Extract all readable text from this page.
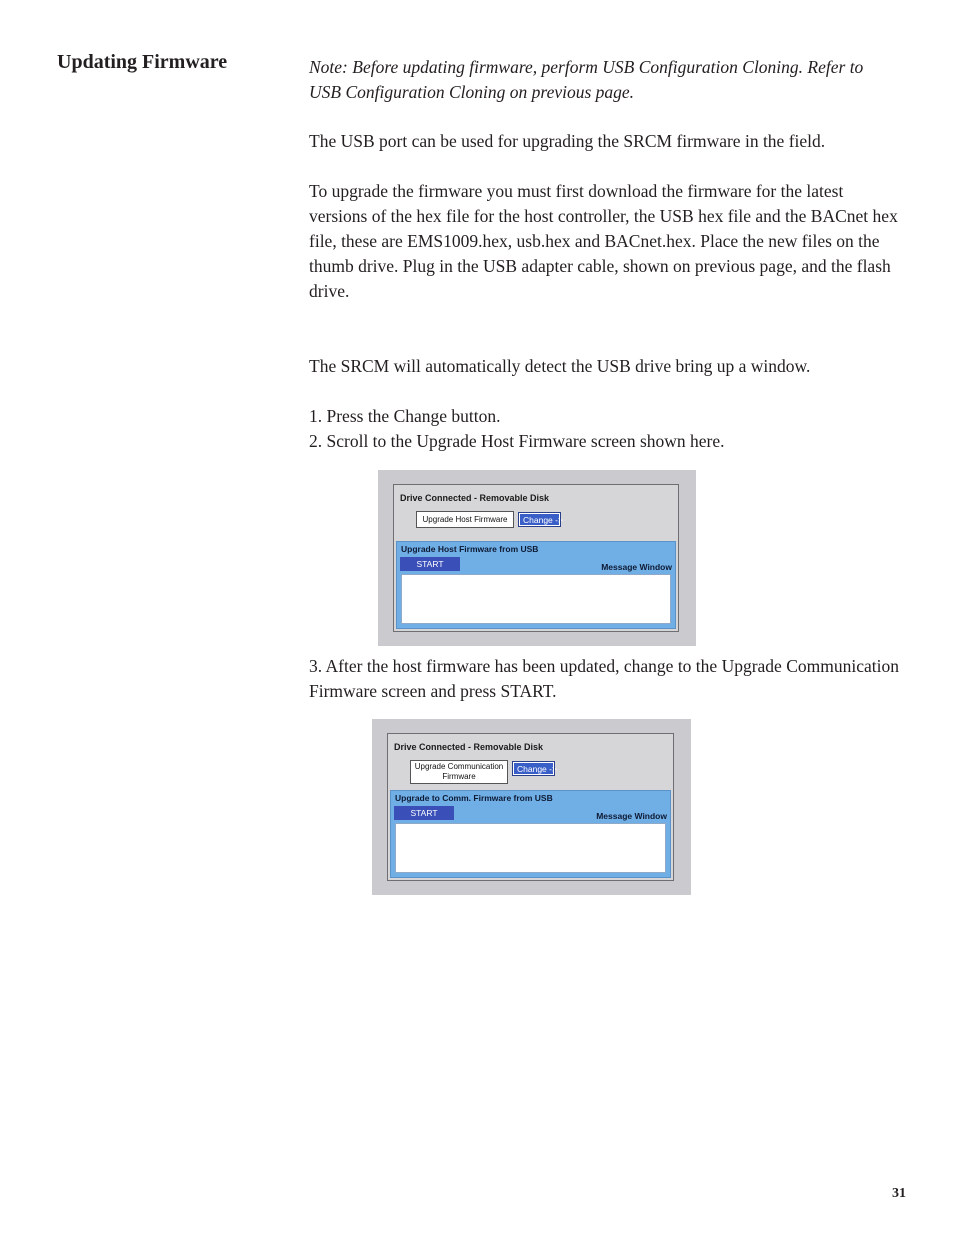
Updating Firmware	Note: Before updating firmware, perform USB Configuration Cloning. Refer to USB Configuration Cloning on previous page.

The USB port can be used for upgrading the SRCM firmware in the field.

To upgrade the firmware you must first download the firmware for the latest versions of the hex file for the host controller, the USB hex file and the BACnet hex file, these are EMS1009.hex, usb.hex and BACnet.hex. Place the new files on the thumb drive. Plug in the USB adapter cable, shown on previous page, and the flash drive.

The SRCM will automatically detect the USB drive bring up a window.

1. Press the Change button.

2. Scroll to the Upgrade Host Firmware screen shown here.

Drive Connected - Removable Disk
Upgrade Host Firmware	Change ->
Upgrade Host Firmware from USB
START	Message Window

3. After the host firmware has been updated, change to the Upgrade Communication Firmware screen and press START.

Drive Connected - Removable Disk
Upgrade Communication Firmware
Change ->
Upgrade to Comm. Firmware from USB
START	Message Window
31
